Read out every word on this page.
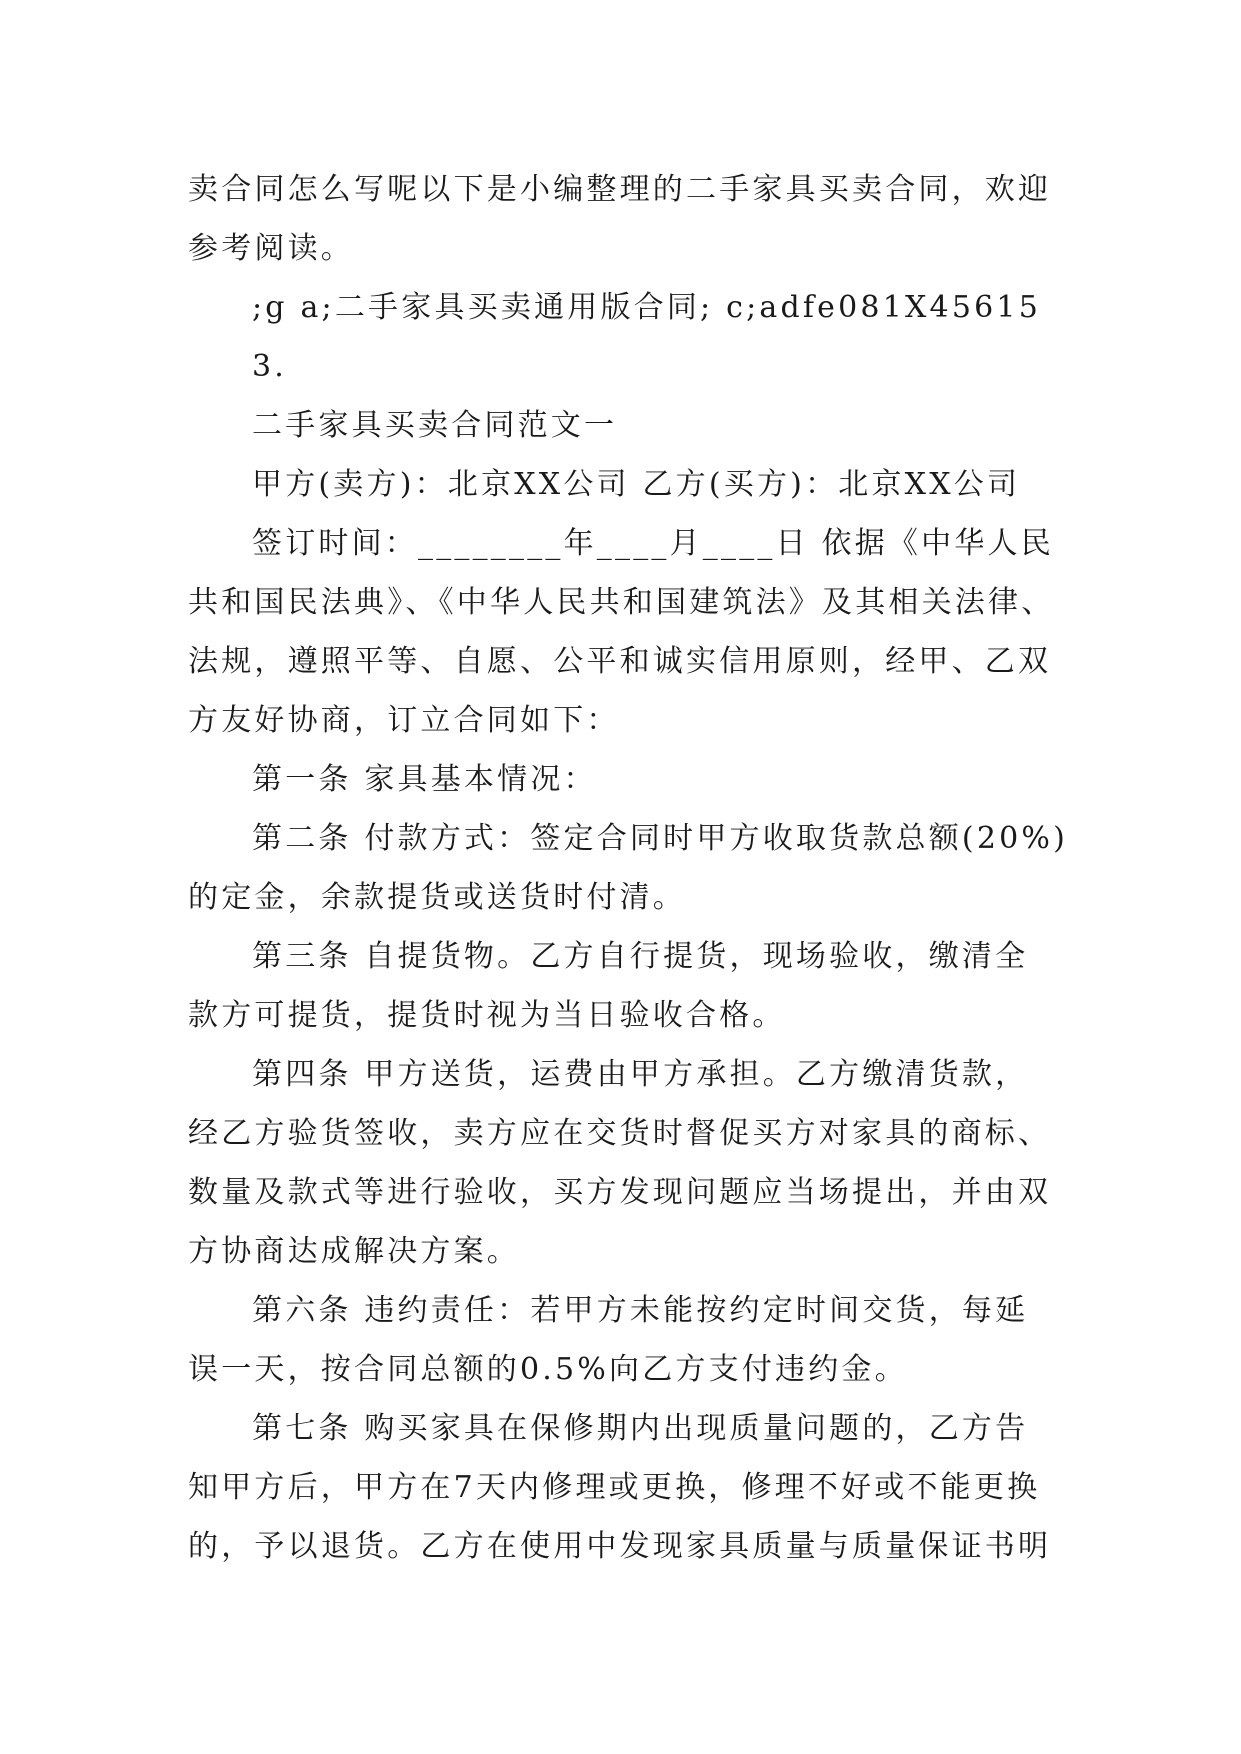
卖合同怎么写呢以下是小编整理的二手家具买卖合同，欢迎
参考阅读。
;g a;二手家具买卖通用版合同; c;adfe081X45615
3.
二手家具买卖合同范文一
甲方(卖方)：北京XX公司 乙方(买方)：北京XX公司
签订时间：________年____月____日 依据《中华人民
共和国民法典》、《中华人民共和国建筑法》及其相关法律、
法规，遵照平等、自愿、公平和诚实信用原则，经甲、乙双
方友好协商，订立合同如下：
第一条 家具基本情况：
第二条 付款方式：签定合同时甲方收取货款总额(20%)
的定金，余款提货或送货时付清。
第三条 自提货物。乙方自行提货，现场验收，缴清全
款方可提货，提货时视为当日验收合格。
第四条 甲方送货，运费由甲方承担。乙方缴清货款，
经乙方验货签收，卖方应在交货时督促买方对家具的商标、
数量及款式等进行验收，买方发现问题应当场提出，并由双
方协商达成解决方案。
第六条 违约责任：若甲方未能按约定时间交货，每延
误一天，按合同总额的0.5%向乙方支付违约金。
第七条 购买家具在保修期内出现质量问题的，乙方告
知甲方后，甲方在7天内修理或更换，修理不好或不能更换
的，予以退货。乙方在使用中发现家具质量与质量保证书明
